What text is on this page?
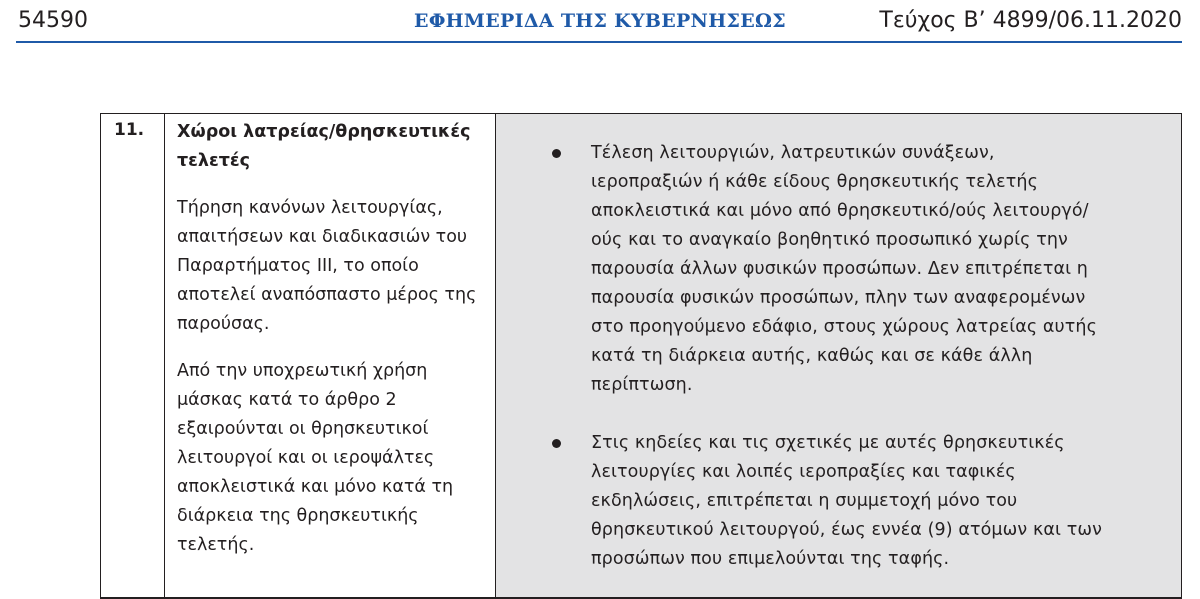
54590	ΕΦΗΜΕΡΙΔΑ ΤΗΣ ΚΥΒΕΡΝΗΣΕΩΣ	Τεύχος Β’ 4899/06.11.2020
11. Χώροι λατρείας/θρησκευτικές τελετές
Τήρηση κανόνων λειτουργίας, απαιτήσεων και διαδικασιών του Παραρτήματος ΙΙΙ, το οποίο αποτελεί αναπόσπαστο μέρος της παρούσας.
Από την υποχρεωτική χρήση μάσκας κατά το άρθρο 2 εξαιρούνται οι θρησκευτικοί λειτουργοί και οι ιεροψάλτες αποκλειστικά και μόνο κατά τη διάρκεια της θρησκευτικής τελετής.
Τέλεση λειτουργιών, λατρευτικών συνάξεων, ιεροπραξιών ή κάθε είδους θρησκευτικής τελετής αποκλειστικά και μόνο από θρησκευτικό/ούς λειτουργό/ούς και το αναγκαίο βοηθητικό προσωπικό χωρίς την παρουσία άλλων φυσικών προσώπων. Δεν επιτρέπεται η παρουσία φυσικών προσώπων, πλην των αναφερομένων στο προηγούμενο εδάφιο, στους χώρους λατρείας αυτής κατά τη διάρκεια αυτής, καθώς και σε κάθε άλλη περίπτωση.
Στις κηδείες και τις σχετικές με αυτές θρησκευτικές λειτουργίες και λοιπές ιεροπραξίες και ταφικές εκδηλώσεις, επιτρέπεται η συμμετοχή μόνο του θρησκευτικού λειτουργού, έως εννέα (9) ατόμων και των προσώπων που επιμελούνται της ταφής.
